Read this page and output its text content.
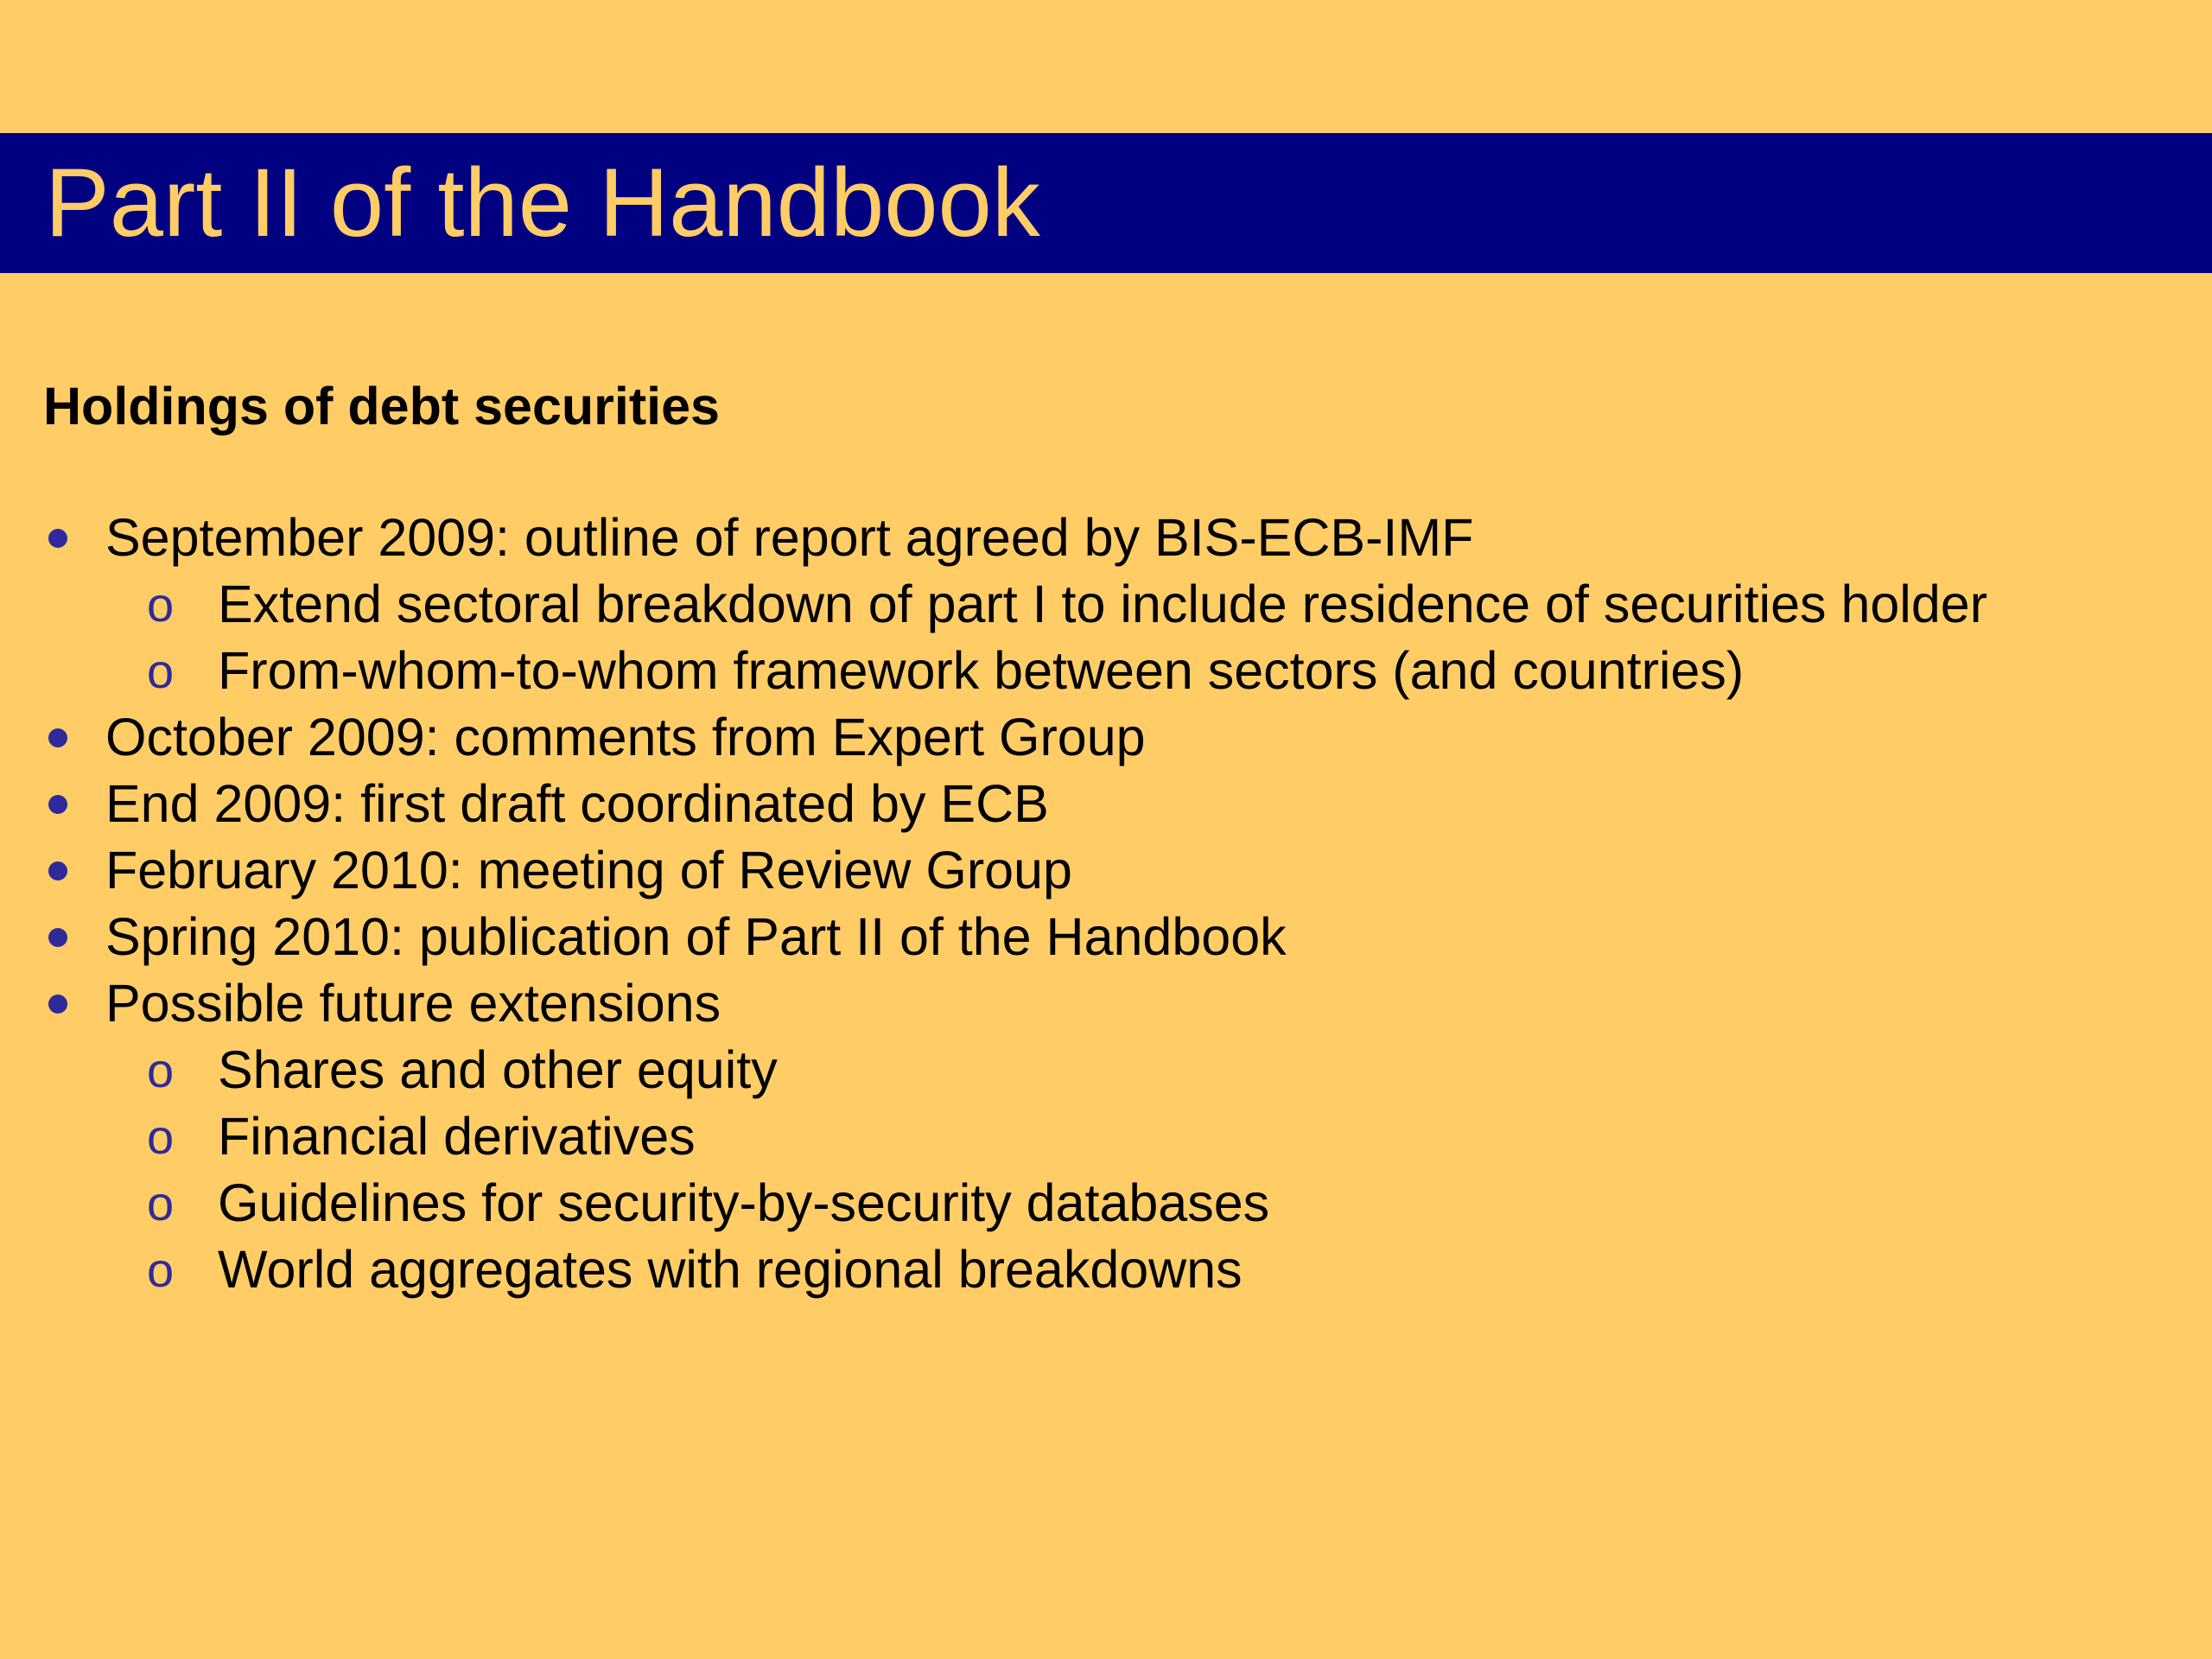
Part II of the Handbook
Holdings of debt securities
September 2009: outline of report agreed by BIS-ECB-IMF
o Extend sectoral breakdown of part I to include residence of securities holder
o From-whom-to-whom framework between sectors (and countries)
October 2009: comments from Expert Group
End 2009: first draft coordinated by ECB
February 2010: meeting of Review Group
Spring 2010: publication of Part II of the Handbook
Possible future extensions
o Shares and other equity
o Financial derivatives
o Guidelines for security-by-security databases
o World aggregates with regional breakdowns
